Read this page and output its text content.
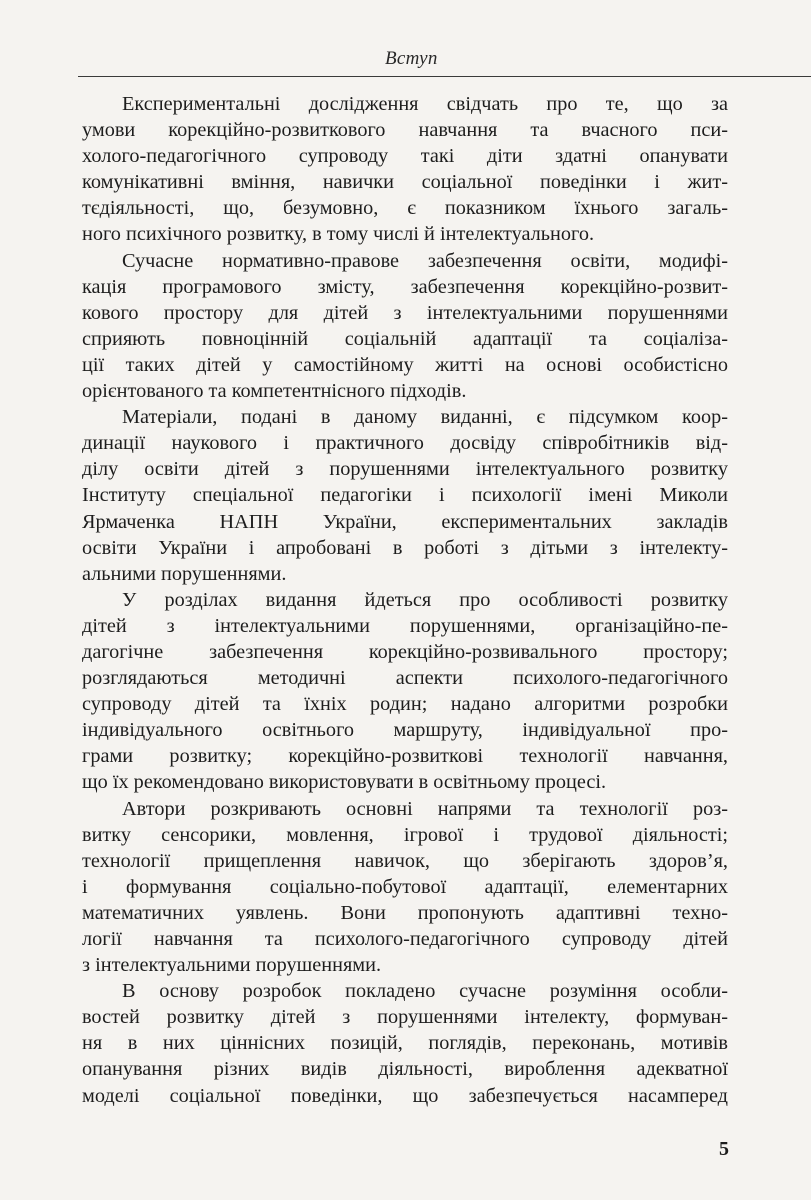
Вступ
Експериментальні дослідження свідчать про те, що за
умови корекційно-розвиткового навчання та вчасного пси-
холого-педагогічного супроводу такі діти здатні опанувати
комунікативні вміння, навички соціальної поведінки і жит-
тєдіяльності, що, безумовно, є показником їхнього загаль-
ного психічного розвитку, в тому числі й інтелектуального.
Сучасне нормативно-правове забезпечення освіти, модифі-
кація програмового змісту, забезпечення корекційно-розвит-
кового простору для дітей з інтелектуальними порушеннями
сприяють повноцінній соціальній адаптації та соціаліза-
ції таких дітей у самостійному житті на основі особистісно
орієнтованого та компетентнісного підходів.
Матеріали, подані в даному виданні, є підсумком коор-
динації наукового і практичного досвіду співробітників від-
ділу освіти дітей з порушеннями інтелектуального розвитку
Інституту спеціальної педагогіки і психології імені Миколи
Ярмаченка НАПН України, експериментальних закладів
освіти України і апробовані в роботі з дітьми з інтелекту-
альними порушеннями.
У розділах видання йдеться про особливості розвитку
дітей з інтелектуальними порушеннями, організаційно-пе-
дагогічне забезпечення корекційно-розвивального простору;
розглядаються методичні аспекти психолого-педагогічного
супроводу дітей та їхніх родин; надано алгоритми розробки
індивідуального освітнього маршруту, індивідуальної про-
грами розвитку; корекційно-розвиткові технології навчання,
що їх рекомендовано використовувати в освітньому процесі.
Автори розкривають основні напрями та технології роз-
витку сенсорики, мовлення, ігрової і трудової діяльності;
технології прищеплення навичок, що зберігають здоров’я,
і формування соціально-побутової адаптації, елементарних
математичних уявлень. Вони пропонують адаптивні техно-
логії навчання та психолого-педагогічного супроводу дітей
з інтелектуальними порушеннями.
В основу розробок покладено сучасне розуміння особли-
востей розвитку дітей з порушеннями інтелекту, формуван-
ня в них ціннісних позицій, поглядів, переконань, мотивів
опанування різних видів діяльності, вироблення адекватної
моделі соціальної поведінки, що забезпечується насамперед
5
